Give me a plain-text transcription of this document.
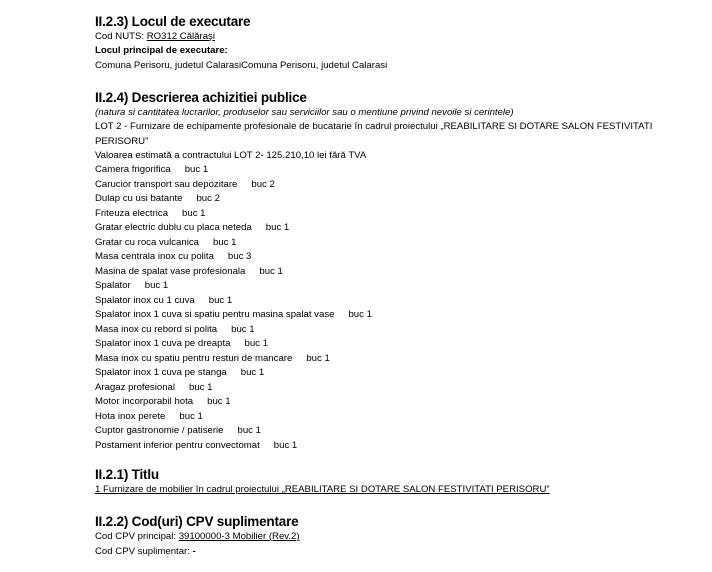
II.2.3) Locul de executare
Cod NUTS: RO312 Călăraşi
Locul principal de executare:
Comuna Perisoru, judetul CalarasiComuna Perisoru, judetul Calarasi
II.2.4) Descrierea achizitiei publice
(natura si cantitatea lucrarilor, produselor sau serviciilor sau o mentiune privind nevoile si cerintele)
LOT 2 - Furnizare de echipamente profesionale de bucatarie în cadrul proiectului „REABILITARE SI DOTARE SALON FESTIVITATI PERISORU”
Valoarea estimată a contractului LOT 2- 125.210,10 lei fără TVA
Camera frigorifica buc 1
Carucior transport sau depozitare buc 2
Dulap cu usi batante buc 2
Friteuza electrica buc 1
Gratar electric dublu cu placa neteda buc 1
Gratar cu roca vulcanica buc 1
Masa centrala inox cu polita buc 3
Masina de spalat vase profesionala buc 1
Spalator buc 1
Spalator inox cu 1 cuva buc 1
Spalator inox 1 cuva si spatiu pentru masina spalat vase buc 1
Masa inox cu rebord si polita buc 1
Spalator inox 1 cuva pe dreapta buc 1
Masa inox cu spatiu pentru resturi de mancare buc 1
Spalator inox 1 cuva pe stanga buc 1
Aragaz profesional buc 1
Motor incorporabil hota buc 1
Hota inox perete buc 1
Cuptor gastronomie / patiserie buc 1
Postament inferior pentru convectomat buc 1
II.2.1) Titlu
1 Furnizare de mobilier în cadrul proiectului „REABILITARE SI DOTARE SALON FESTIVITATI PERISORU”
II.2.2) Cod(uri) CPV suplimentare
Cod CPV principal: 39100000-3 Mobilier (Rev.2)
Cod CPV suplimentar: -
